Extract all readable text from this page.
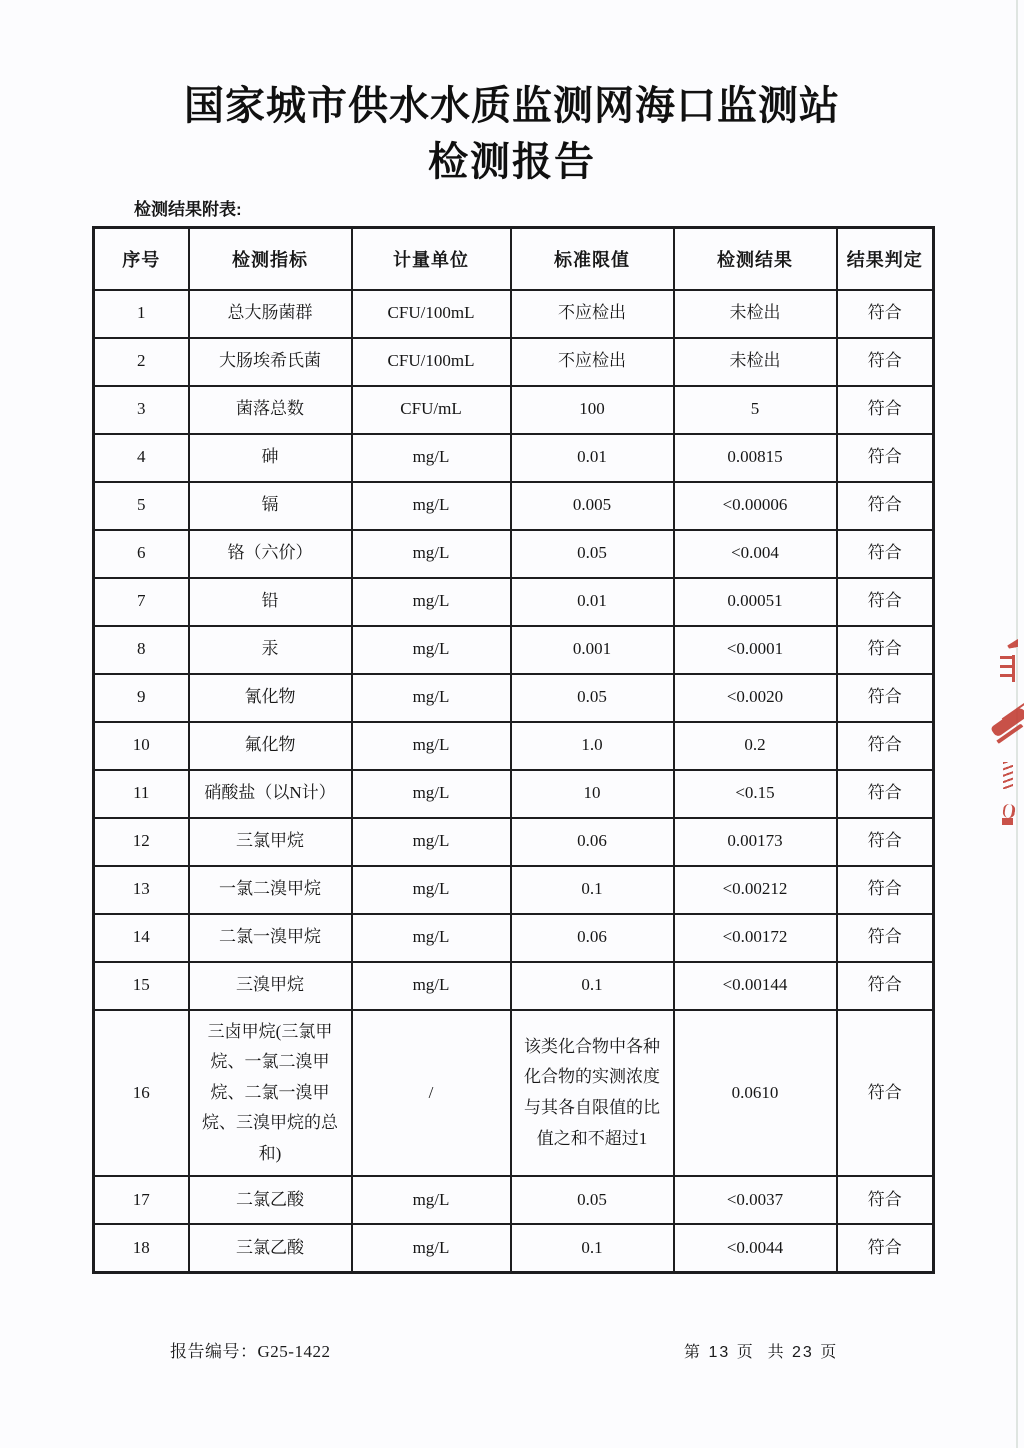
国家城市供水水质监测网海口监测站
检测报告
检测结果附表:
序号	检测指标	计量单位	标准限值	检测结果	结果判定
1	总大肠菌群	CFU/100mL	不应检出	未检出	符合
2	大肠埃希氏菌	CFU/100mL	不应检出	未检出	符合
3	菌落总数	CFU/mL	100	5	符合
4	砷	mg/L	0.01	0.00815	符合
5	镉	mg/L	0.005	<0.00006	符合
6	铬（六价）	mg/L	0.05	<0.004	符合
7	铅	mg/L	0.01	0.00051	符合
8	汞	mg/L	0.001	<0.0001	符合
9	氰化物	mg/L	0.05	<0.0020	符合
10	氟化物	mg/L	1.0	0.2	符合
11	硝酸盐（以N计）	mg/L	10	<0.15	符合
12	三氯甲烷	mg/L	0.06	0.00173	符合
13	一氯二溴甲烷	mg/L	0.1	<0.00212	符合
14	二氯一溴甲烷	mg/L	0.06	<0.00172	符合
15	三溴甲烷	mg/L	0.1	<0.00144	符合
16	三卤甲烷(三氯甲烷、一氯二溴甲烷、二氯一溴甲烷、三溴甲烷的总和)	/	该类化合物中各种化合物的实测浓度与其各自限值的比值之和不超过1	0.0610	符合
17	二氯乙酸	mg/L	0.05	<0.0037	符合
18	三氯乙酸	mg/L	0.1	<0.0044	符合
报告编号：G25-1422	第 13 页  共 23 页
